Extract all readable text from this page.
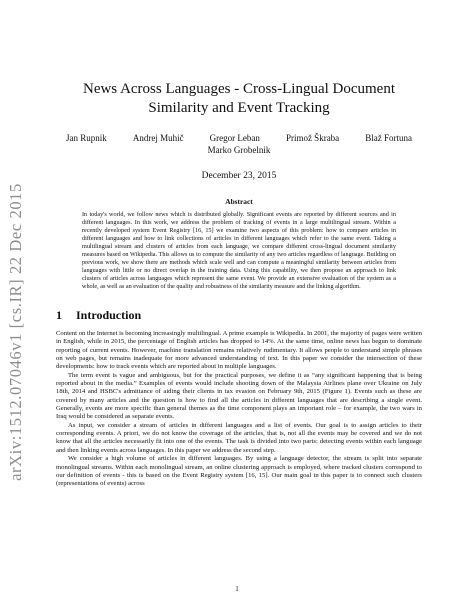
arXiv:1512.07046v1 [cs.IR] 22 Dec 2015
News Across Languages - Cross-Lingual Document Similarity and Event Tracking
Jan Rupnik	Andrej Muhič	Gregor Leban	Primož Škraba	Blaž Fortuna
Marko Grobelnik
December 23, 2015
Abstract
In today's world, we follow news which is distributed globally. Significant events are reported by different sources and in different languages. In this work, we address the problem of tracking of events in a large multilingual stream. Within a recently developed system Event Registry [16, 15] we examine two aspects of this problem: how to compare articles in different languages and how to link collections of articles in different languages which refer to the same event. Taking a multilingual stream and clusters of articles from each language, we compare different cross-lingual document similarity measures based on Wikipedia. This allows us to compute the similarity of any two articles regardless of language. Building on previous work, we show there are methods which scale well and can compute a meaningful similarity between articles from languages with little or no direct overlap in the training data. Using this capability, we then propose an approach to link clusters of articles across languages which represent the same event. We provide an extensive evaluation of the system as a whole, as well as an evaluation of the quality and robustness of the similarity measure and the linking algorithm.
1 Introduction

Content on the Internet is becoming increasingly multilingual. A prime example is Wikipedia. In 2001, the majority of pages were written in English, while in 2015, the percentage of English articles has dropped to 14%. At the same time, online news has begun to dominate reporting of current events. However, machine translation remains relatively rudimentary. It allows people to understand simple phrases on web pages, but remains inadequate for more advanced understanding of text. In this paper we consider the intersection of these developments: how to track events which are reported about in multiple languages.

The term event is vague and ambiguous, but for the practical purposes, we define it as “any significant happening that is being reported about in the media.” Examples of events would include shooting down of the Malaysia Airlines plane over Ukraine on July 18th, 2014 and HSBC's admittance of aiding their clients in tax evasion on February 9th, 2015 (Figure 1). Events such as these are covered by many articles and the question is how to find all the articles in different languages that are describing a single event. Generally, events are more specific than general themes as the time component plays an important role – for example, the two wars in Iraq would be considered as separate events.

As input, we consider a stream of articles in different languages and a list of events. Our goal is to assign articles to their corresponding events. A priori, we do not know the coverage of the articles, that is, not all the events may be covered and we do not know that all the articles necessarily fit into one of the events. The task is divided into two parts: detecting events within each language and then linking events across languages. In this paper we address the second step.

We consider a high volume of articles in different languages. By using a language detector, the stream is split into separate monolingual streams. Within each monolingual stream, an online clustering approach is employed, where tracked clusters correspond to our definition of events - this is based on the Event Registry system [16, 15]. Our main goal in this paper is to connect such clusters (representations of events) across

1
